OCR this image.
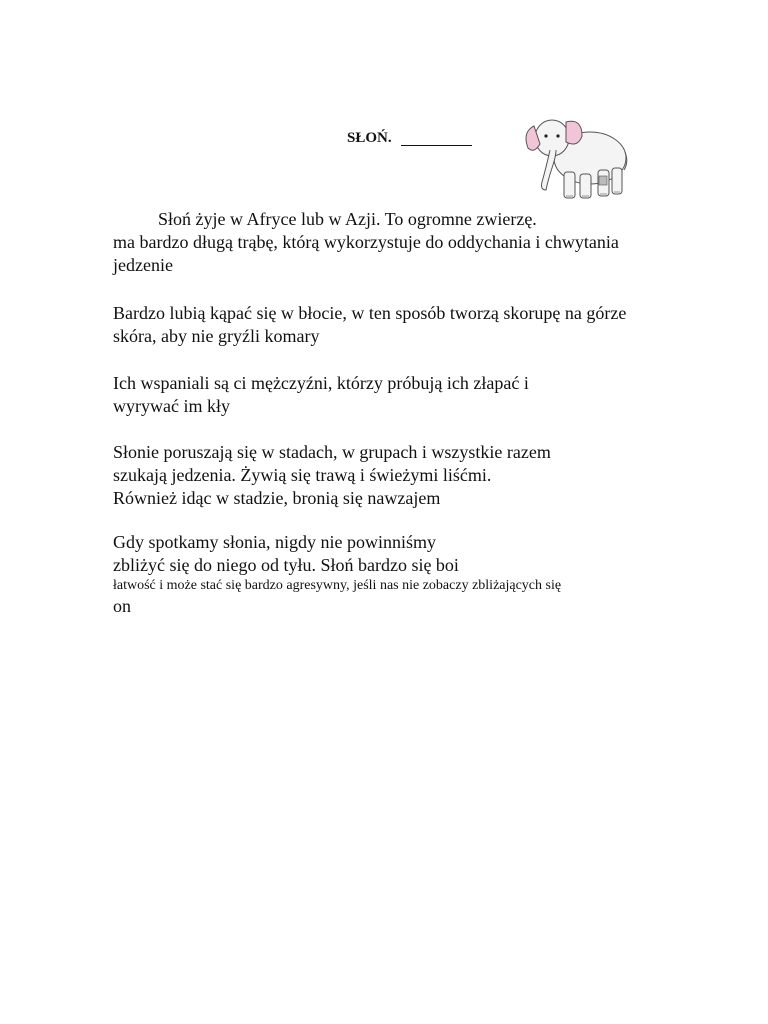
SŁOŃ.
Słoń żyje w Afryce lub w Azji. To ogromne zwierzę.
ma bardzo długą trąbę, którą wykorzystuje do oddychania i chwytania
jedzenie
Bardzo lubią kąpać się w błocie, w ten sposób tworzą skorupę na górze
skóra, aby nie gryźli komary
Ich wspaniali są ci mężczyźni, którzy próbują ich złapać i
wyrywać im kły
Słonie poruszają się w stadach, w grupach i wszystkie razem
szukają jedzenia. Żywią się trawą i świeżymi liśćmi.
Również idąc w stadzie, bronią się nawzajem
Gdy spotkamy słonia, nigdy nie powinniśmy
zbliżyć się do niego od tyłu. Słoń bardzo się boi
łatwość i może stać się bardzo agresywny, jeśli nas nie zobaczy zbliżających się
on
